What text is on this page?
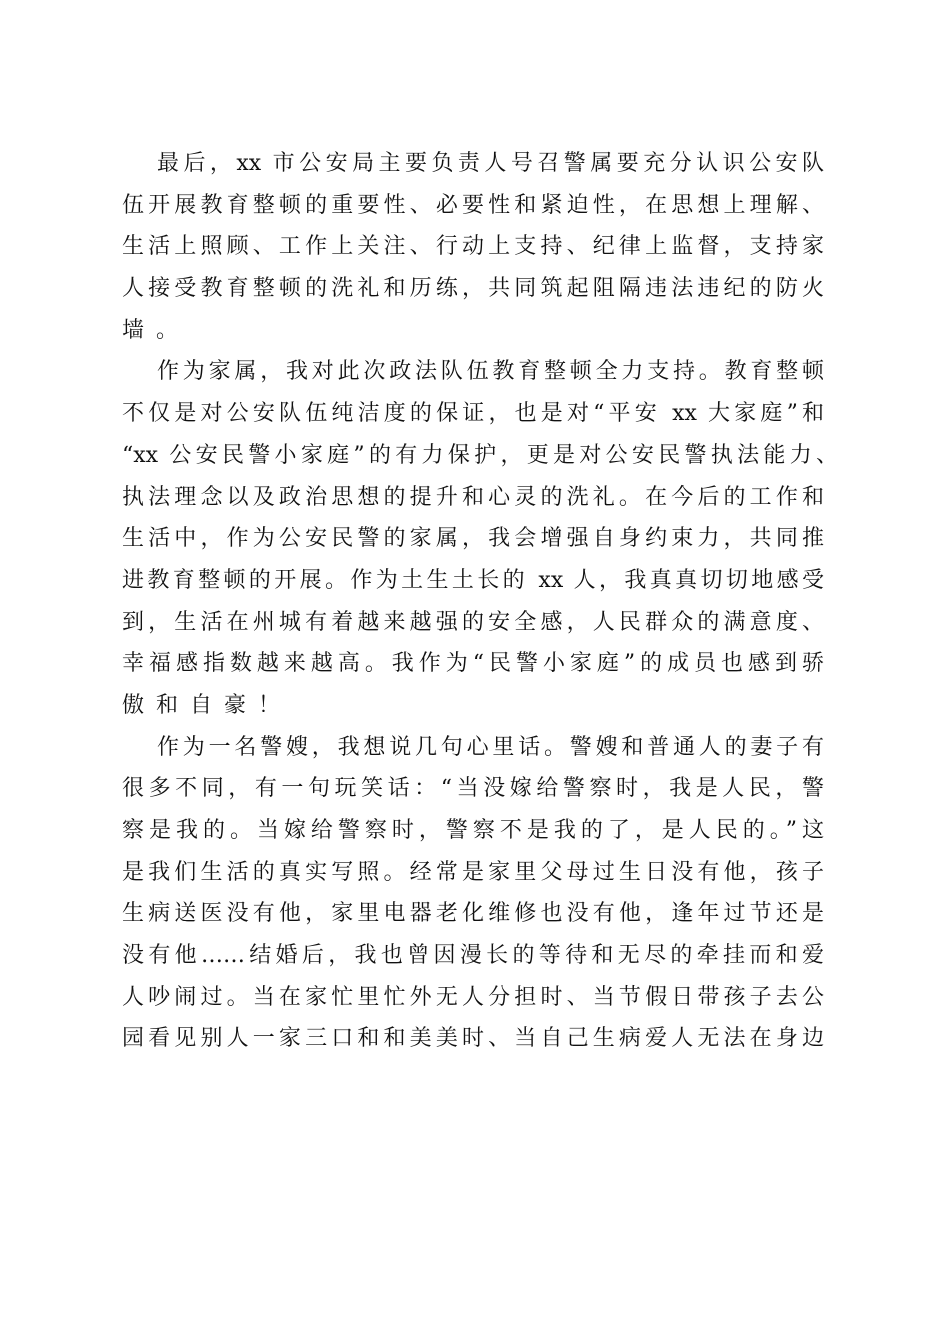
最后，xx 市公安局主要负责人号召警属要充分认识公安队
伍开展教育整顿的重要性、必要性和紧迫性，在思想上理解、
生活上照顾、工作上关注、行动上支持、纪律上监督，支持家
人接受教育整顿的洗礼和历练，共同筑起阻隔违法违纪的防火
墙。
作为家属，我对此次政法队伍教育整顿全力支持。教育整顿
不仅是对公安队伍纯洁度的保证，也是对“平安 xx 大家庭”和
“xx 公安民警小家庭”的有力保护，更是对公安民警执法能力、
执法理念以及政治思想的提升和心灵的洗礼。在今后的工作和
生活中，作为公安民警的家属，我会增强自身约束力，共同推
进教育整顿的开展。作为土生土长的 xx 人，我真真切切地感受
到，生活在州城有着越来越强的安全感，人民群众的满意度、
幸福感指数越来越高。我作为“民警小家庭”的成员也感到骄
傲和自豪！
作为一名警嫂，我想说几句心里话。警嫂和普通人的妻子有
很多不同，有一句玩笑话：“当没嫁给警察时，我是人民，警
察是我的。当嫁给警察时，警察不是我的了，是人民的。”这
是我们生活的真实写照。经常是家里父母过生日没有他，孩子
生病送医没有他，家里电器老化维修也没有他，逢年过节还是
没有他……结婚后，我也曾因漫长的等待和无尽的牵挂而和爱
人吵闹过。当在家忙里忙外无人分担时、当节假日带孩子去公
园看见别人一家三口和和美美时、当自己生病爱人无法在身边
